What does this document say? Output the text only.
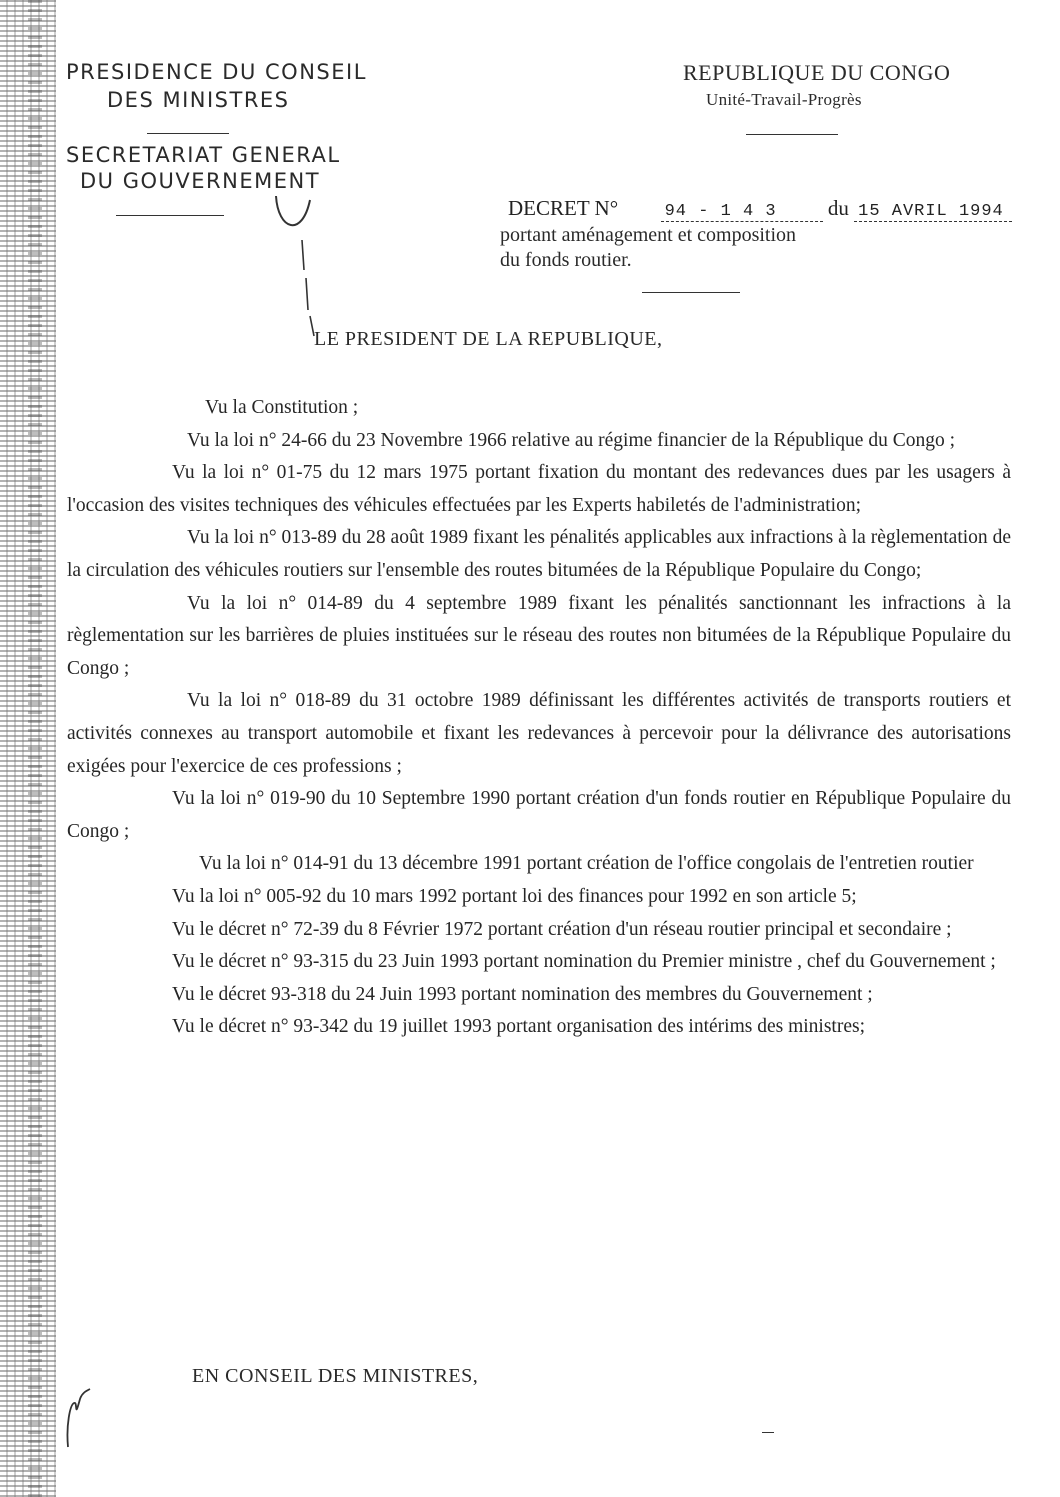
PRESIDENCE DU CONSEIL
DES MINISTRES
SECRETARIAT GENERAL
DU GOUVERNEMENT
REPUBLIQUE DU CONGO
Unité-Travail-Progrès
DECRET N°	94 - 1 4 3 du 15 AVRIL 1994
portant aménagement et composition
du fonds routier.
LE PRESIDENT DE LA REPUBLIQUE,

Vu la Constitution ;

Vu la loi n° 24-66 du 23 Novembre 1966 relative au régime financier de la République du Congo ;

Vu la loi n° 01-75 du 12 mars 1975 portant fixation du montant des redevances dues par les usagers à l'occasion des visites techniques des véhicules effectuées par les Experts habiletés de l'administration;

Vu la loi n° 013-89 du 28 août 1989 fixant les pénalités applicables aux infractions à la règlementation de la circulation des véhicules routiers sur l'ensemble des routes bitumées de la République Populaire du Congo;

Vu la loi n° 014-89 du 4 septembre 1989 fixant les pénalités sanctionnant les infractions à la règlementation sur les barrières de pluies instituées sur le réseau des routes non bitumées de la République Populaire du Congo ;

Vu la loi n° 018-89 du 31 octobre 1989 définissant les différentes activités de transports routiers et activités connexes au transport automobile et fixant les redevances à percevoir pour la délivrance des autorisations exigées pour l'exercice de ces professions ;

Vu la loi n° 019-90 du 10 Septembre 1990 portant création d'un fonds routier en République Populaire du Congo ;

Vu la loi n° 014-91 du 13 décembre 1991 portant création de l'office congolais de l'entretien routier

Vu la loi n° 005-92 du 10 mars 1992 portant loi des finances pour 1992 en son article 5;

Vu le décret n° 72-39 du 8 Février 1972 portant création d'un réseau routier principal et secondaire ;

Vu le décret n° 93-315 du 23 Juin 1993 portant nomination du Premier ministre , chef du Gouvernement ;

Vu le décret 93-318 du 24 Juin 1993 portant nomination des membres du Gouvernement ;

Vu le décret n° 93-342 du 19 juillet 1993 portant organisation des intérims des ministres;

EN CONSEIL DES MINISTRES,
